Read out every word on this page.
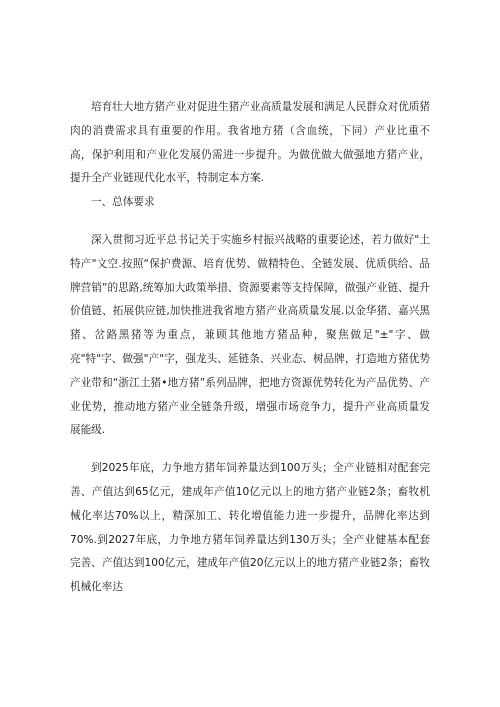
培育壮大地方猪产业对促进生猪产业高质量发展和满足人民群众对优质猪肉的消费需求具有重要的作用。我省地方猪（含血统，下同）产业比重不高，保护利用和产业化发展仍需进一步提升。为做优做大做强地方猪产业，提升全产业链现代化水平，特制定本方案.

一、总体要求

深入贯彻习近平总书记关于实施乡村振兴战略的重要论述，若力做好"土特产"文空.按照“保护费源、培育优势、做精特色、全链发展、优质供给、品牌营销”的思路,统筹加大政策举措、资源要素等支持保障，做强产业链、提升价值链、拓展供应链,加快推进我省地方猪产业高质量发展.以金华猪、嘉兴黑猪、岔路黑猪等为重点，兼顾其他地方猪品种，聚焦做足"±"字、做亮"特"字、做强"产"字，强龙头、延链条、兴业态、树品牌，打造地方猪优势产业带和“浙江土猪•地方猪”系列品牌，把地方资源优势转化为产品优势、产业优势，推动地方猪产业全链条升级，增强市场竞争力，提升产业高质量发展能级.

到2025年底，力争地方猪年饲养量达到100万头；全产业链相对配套完善、产值达到65亿元，建成年产值10亿元以上的地方猪产业链2条；畜牧机械化率达70%以上，精深加工、转化增值能力进一步提升，品牌化率达到70%.到2027年底，力争地方猪年饲养量达到130万头；全产业健基本配套完善、产值达到100亿元，建成年产值20亿元以上的地方猪产业链2条；畜牧机械化率达
